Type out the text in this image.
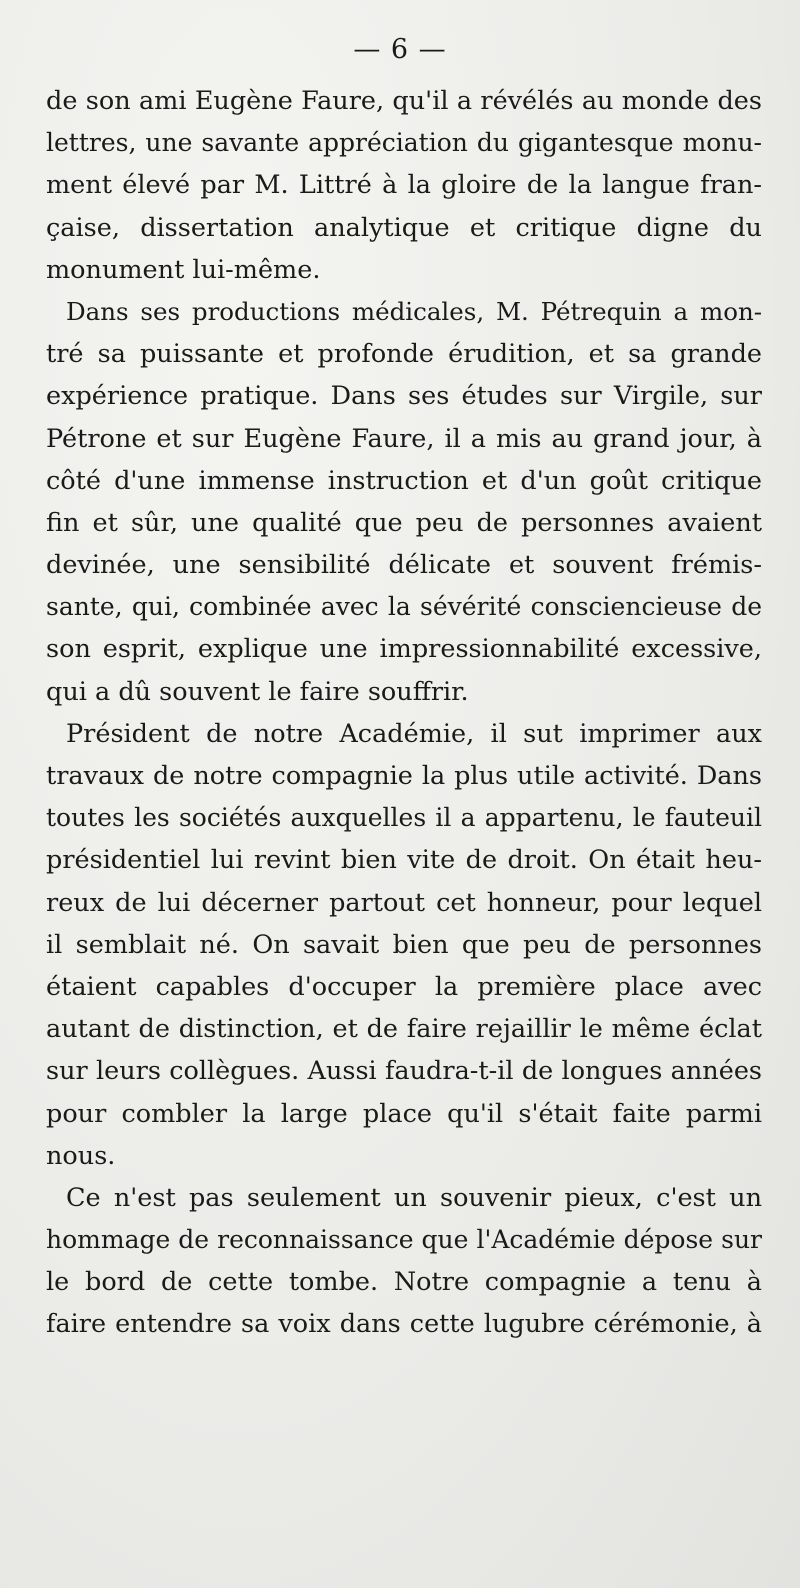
— 6 —
de son ami Eugène Faure, qu'il a révélés au monde des
lettres, une savante appréciation du gigantesque monu-
ment élevé par M. Littré à la gloire de la langue fran-
çaise, dissertation analytique et critique digne du
monument lui-même.
Dans ses productions médicales, M. Pétrequin a mon-
tré sa puissante et profonde érudition, et sa grande
expérience pratique. Dans ses études sur Virgile, sur
Pétrone et sur Eugène Faure, il a mis au grand jour, à
côté d'une immense instruction et d'un goût critique
fin et sûr, une qualité que peu de personnes avaient
devinée, une sensibilité délicate et souvent frémis-
sante, qui, combinée avec la sévérité consciencieuse de
son esprit, explique une impressionnabilité excessive,
qui a dû souvent le faire souffrir.
Président de notre Académie, il sut imprimer aux
travaux de notre compagnie la plus utile activité. Dans
toutes les sociétés auxquelles il a appartenu, le fauteuil
présidentiel lui revint bien vite de droit. On était heu-
reux de lui décerner partout cet honneur, pour lequel
il semblait né. On savait bien que peu de personnes
étaient capables d'occuper la première place avec
autant de distinction, et de faire rejaillir le même éclat
sur leurs collègues. Aussi faudra-t-il de longues années
pour combler la large place qu'il s'était faite parmi
nous.
Ce n'est pas seulement un souvenir pieux, c'est un
hommage de reconnaissance que l'Académie dépose sur
le bord de cette tombe. Notre compagnie a tenu à
faire entendre sa voix dans cette lugubre cérémonie, à
